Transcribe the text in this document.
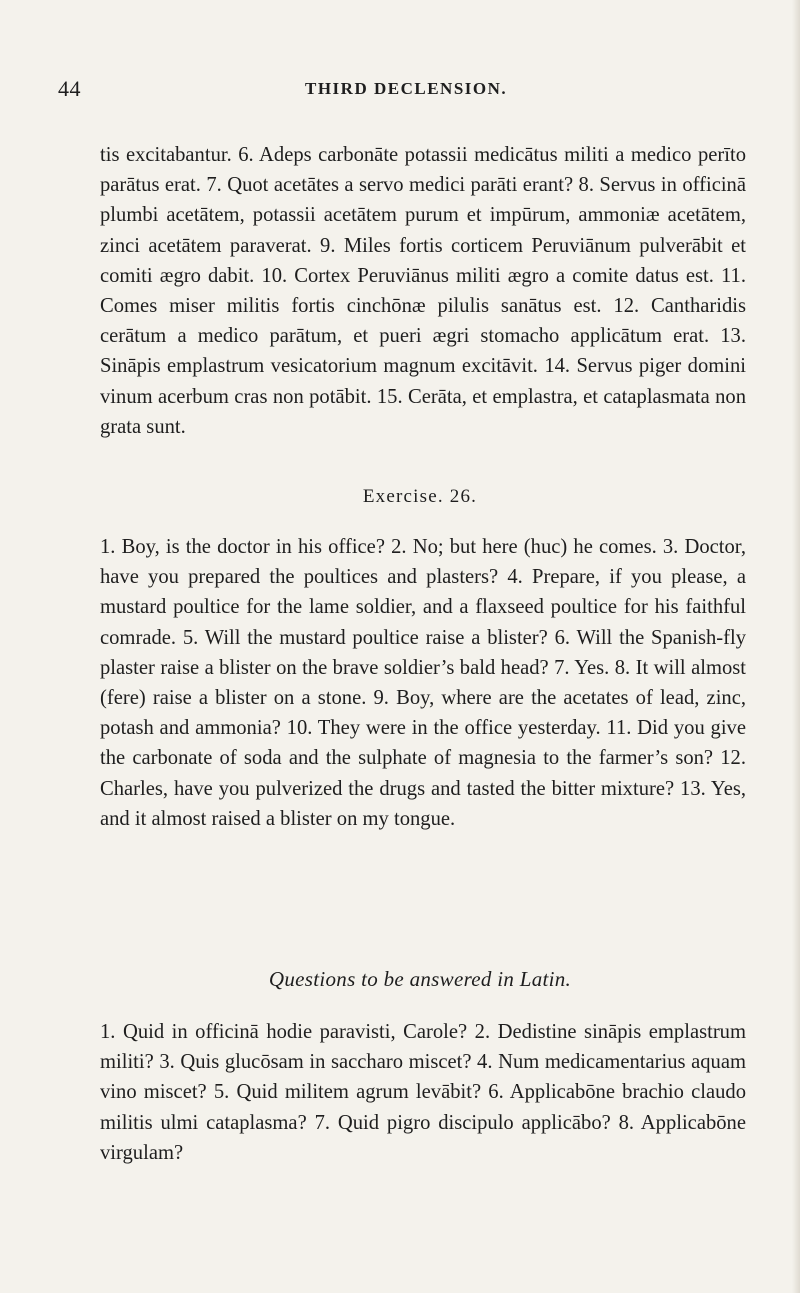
44	THIRD DECLENSION.
tis excitabantur. 6. Adeps carbonāte potassii medicātus militi a medico perīto parātus erat. 7. Quot acetātes a servo medici parāti erant? 8. Servus in officinā plumbi acetātem, potassii acetātem purum et impūrum, ammoniæ acetātem, zinci acetātem paraverat. 9. Miles fortis corticem Peruviānum pulverābit et comiti ægro dabit. 10. Cortex Peruviānus militi ægro a comite datus est. 11. Comes miser militis fortis cinchōnæ pilulis sanātus est. 12. Cantharidis cerātum a medico parātum, et pueri ægri stomacho applicātum erat. 13. Sināpis emplastrum vesicatorium magnum excitāvit. 14. Servus piger domini vinum acerbum cras non potābit. 15. Cerāta, et emplastra, et cataplasmata non grata sunt.
Exercise. 26.
1. Boy, is the doctor in his office? 2. No; but here (huc) he comes. 3. Doctor, have you prepared the poultices and plasters? 4. Prepare, if you please, a mustard poultice for the lame soldier, and a flaxseed poultice for his faithful comrade. 5. Will the mustard poultice raise a blister? 6. Will the Spanish-fly plaster raise a blister on the brave soldier’s bald head? 7. Yes. 8. It will almost (fere) raise a blister on a stone. 9. Boy, where are the acetates of lead, zinc, potash and ammonia? 10. They were in the office yesterday. 11. Did you give the carbonate of soda and the sulphate of magnesia to the farmer’s son? 12. Charles, have you pulverized the drugs and tasted the bitter mixture? 13. Yes, and it almost raised a blister on my tongue.
Questions to be answered in Latin.
1. Quid in officinā hodie paravisti, Carole? 2. Dedistine sināpis emplastrum militi? 3. Quis glucōsam in saccharo miscet? 4. Num medicamentarius aquam vino miscet? 5. Quid militem agrum levābit? 6. Applicabōne brachio claudo militis ulmi cataplasma? 7. Quid pigro discipulo applicābo? 8. Applicabōne virgulam?
